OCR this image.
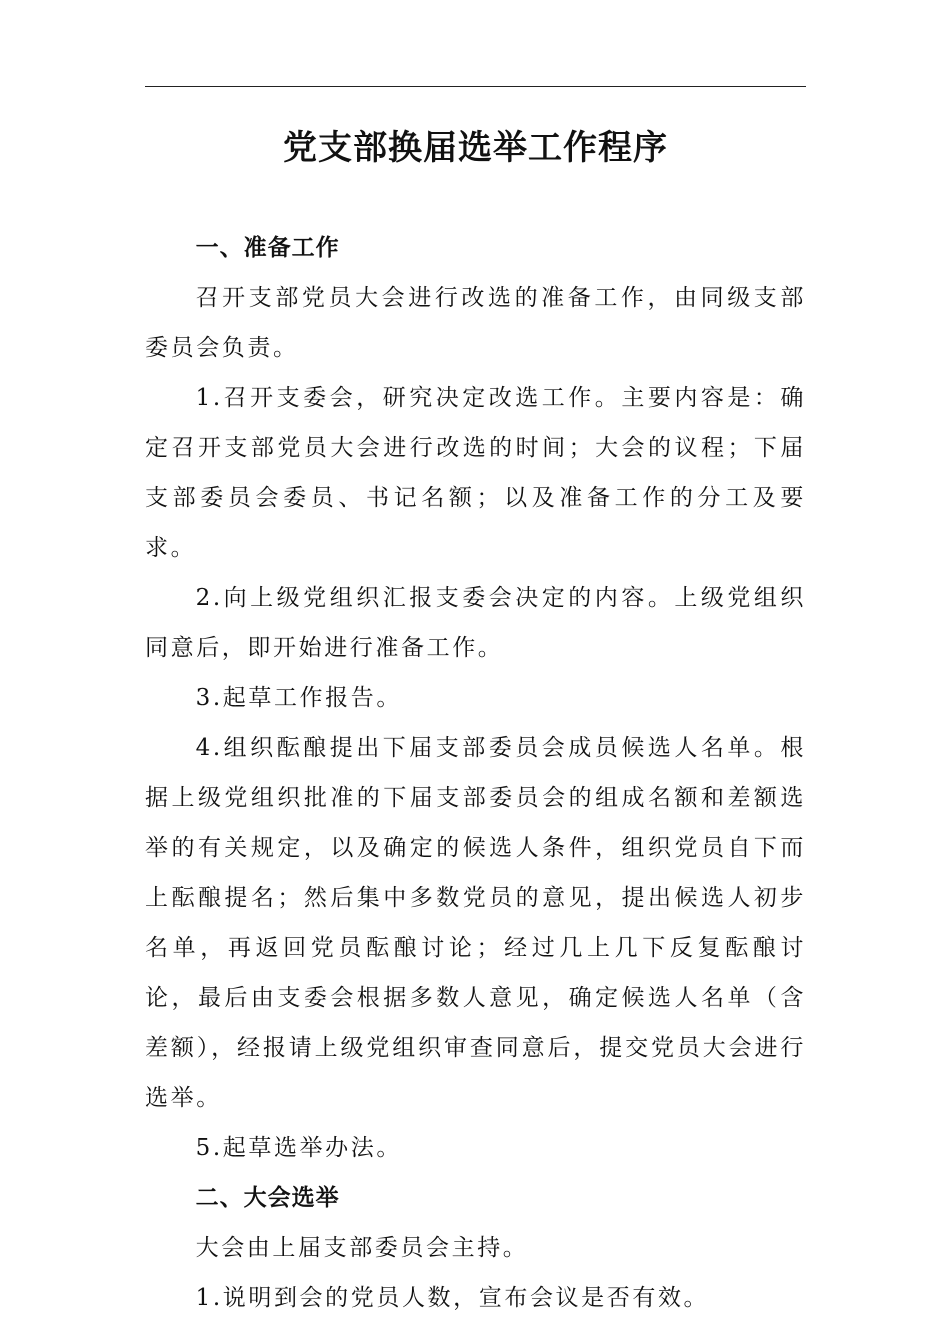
党支部换届选举工作程序

一、准备工作

召开支部党员大会进行改选的准备工作，由同级支部委员会负责。

1.召开支委会，研究决定改选工作。主要内容是：确定召开支部党员大会进行改选的时间；大会的议程；下届支部委员会委员、书记名额；以及准备工作的分工及要求。

2.向上级党组织汇报支委会决定的内容。上级党组织同意后，即开始进行准备工作。

3.起草工作报告。

4.组织酝酿提出下届支部委员会成员候选人名单。根据上级党组织批准的下届支部委员会的组成名额和差额选举的有关规定，以及确定的候选人条件，组织党员自下而上酝酿提名；然后集中多数党员的意见，提出候选人初步名单，再返回党员酝酿讨论；经过几上几下反复酝酿讨论，最后由支委会根据多数人意见，确定候选人名单（含差额），经报请上级党组织审查同意后，提交党员大会进行选举。

5.起草选举办法。

二、大会选举

大会由上届支部委员会主持。

1.说明到会的党员人数，宣布会议是否有效。
